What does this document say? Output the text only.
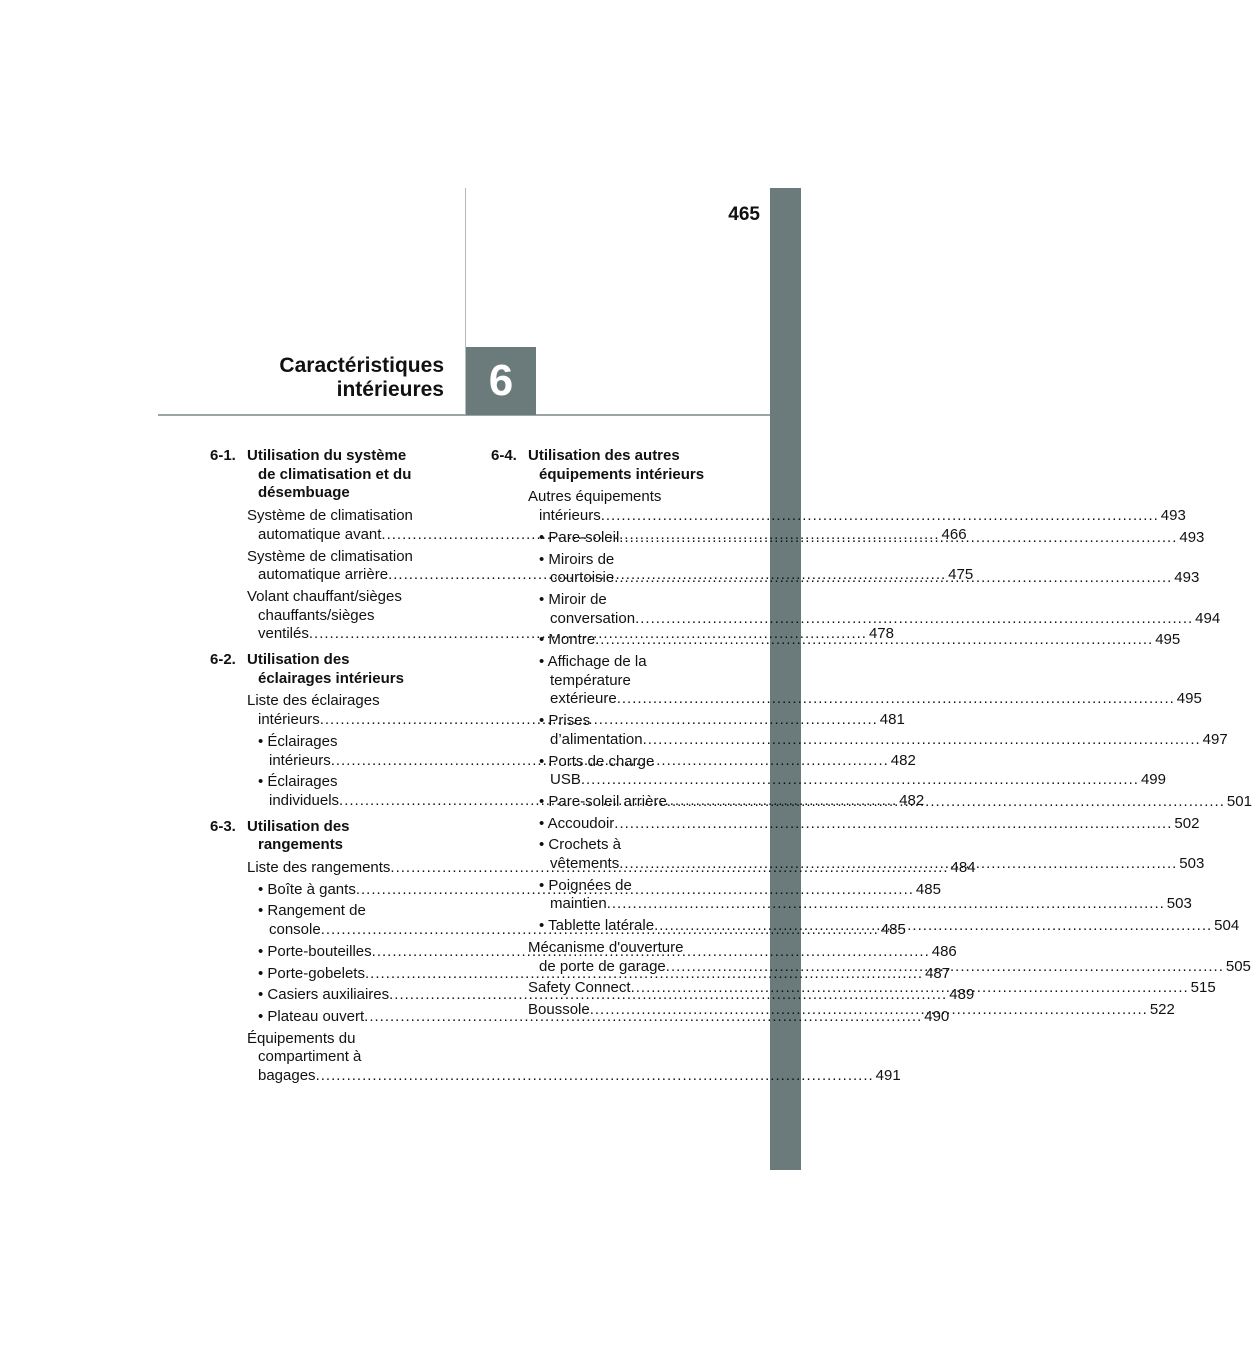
465
6
Caractéristiques
intérieures
6-1. Utilisation du système
de climatisation et du
désembuage
Système de climatisation
automatique avant .....	466
Système de climatisation
automatique arrière .....	475
Volant chauffant/sièges
chauffants/sièges
ventilés .....	478
6-2. Utilisation des
éclairages intérieurs
Liste des éclairages
intérieurs .....	481
• Éclairages
intérieurs .....	482
• Éclairages
individuels .....	482
6-3. Utilisation des
rangements
Liste des rangements .....	484
• Boîte à gants .....	485
• Rangement de
console .....	485
• Porte-bouteilles .....	486
• Porte-gobelets .....	487
• Casiers auxiliaires .....	489
• Plateau ouvert .....	490
Équipements du
compartiment à
bagages .....	491
6-4. Utilisation des autres
équipements intérieurs
Autres équipements
intérieurs .....	493
• Pare-soleil .....	493
• Miroirs de
courtoisie .....	493
• Miroir de
conversation .....	494
• Montre .....	495
• Affichage de la
température
extérieure .....	495
• Prises
d’alimentation .....	497
• Ports de charge
USB .....	499
• Pare-soleil arrière .....	501
• Accoudoir .....	502
• Crochets à
vêtements .....	503
• Poignées de
maintien .....	503
• Tablette latérale .....	504
Mécanisme d'ouverture
de porte de garage .....	505
Safety Connect .....	515
Boussole .....	522
